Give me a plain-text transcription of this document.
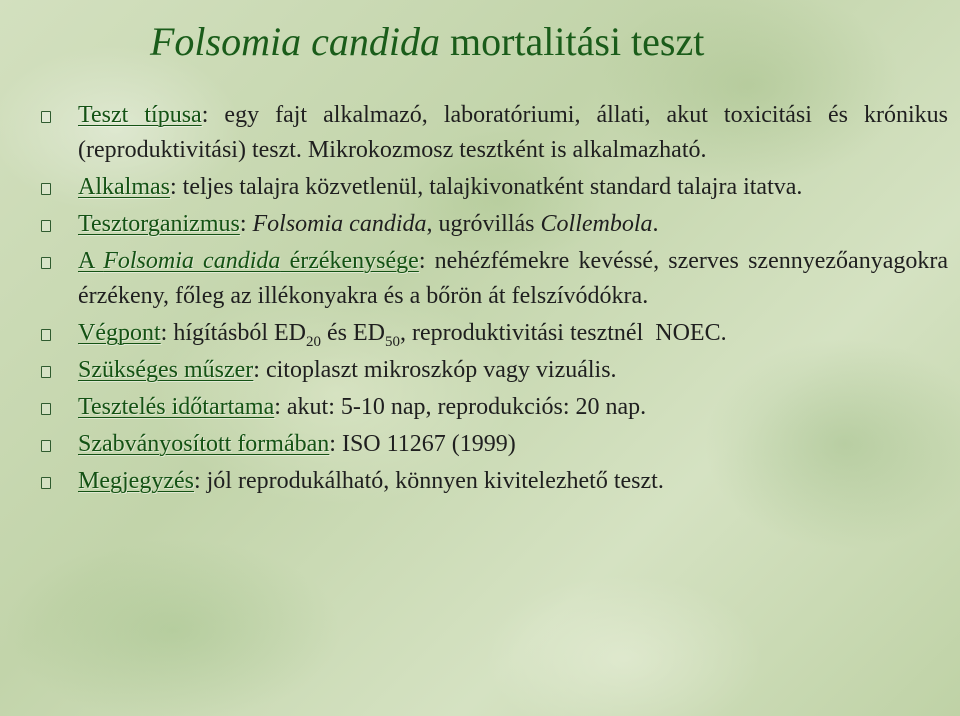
Folsomia candida mortalitási teszt
Teszt típusa: egy fajt alkalmazó, laboratóriumi, állati, akut toxicitási és krónikus (reproduktivitási) teszt. Mikrokozmosz tesztként is alkalmazható.
Alkalmas: teljes talajra közvetlenül, talajkivonatként standard talajra itatva.
Tesztorganizmus: Folsomia candida, ugróvillás Collembola.
A Folsomia candida érzékenysége: nehézfémekre kevéssé, szerves szennyezőanyagokra érzékeny, főleg az illékonyakra és a bőrön át felszívódókra.
Végpont: hígításból $ED_{20}$ és $ED_{50}$, reproduktivitási tesztnél  NOEC.
Szükséges műszer: citoplaszt mikroszkóp vagy vizuális.
Tesztelés időtartama: akut: 5-10 nap, reprodukciós: 20 nap.
Szabványosított formában: ISO 11267 (1999)
Megjegyzés: jól reprodukálható, könnyen kivitelezhető teszt.
